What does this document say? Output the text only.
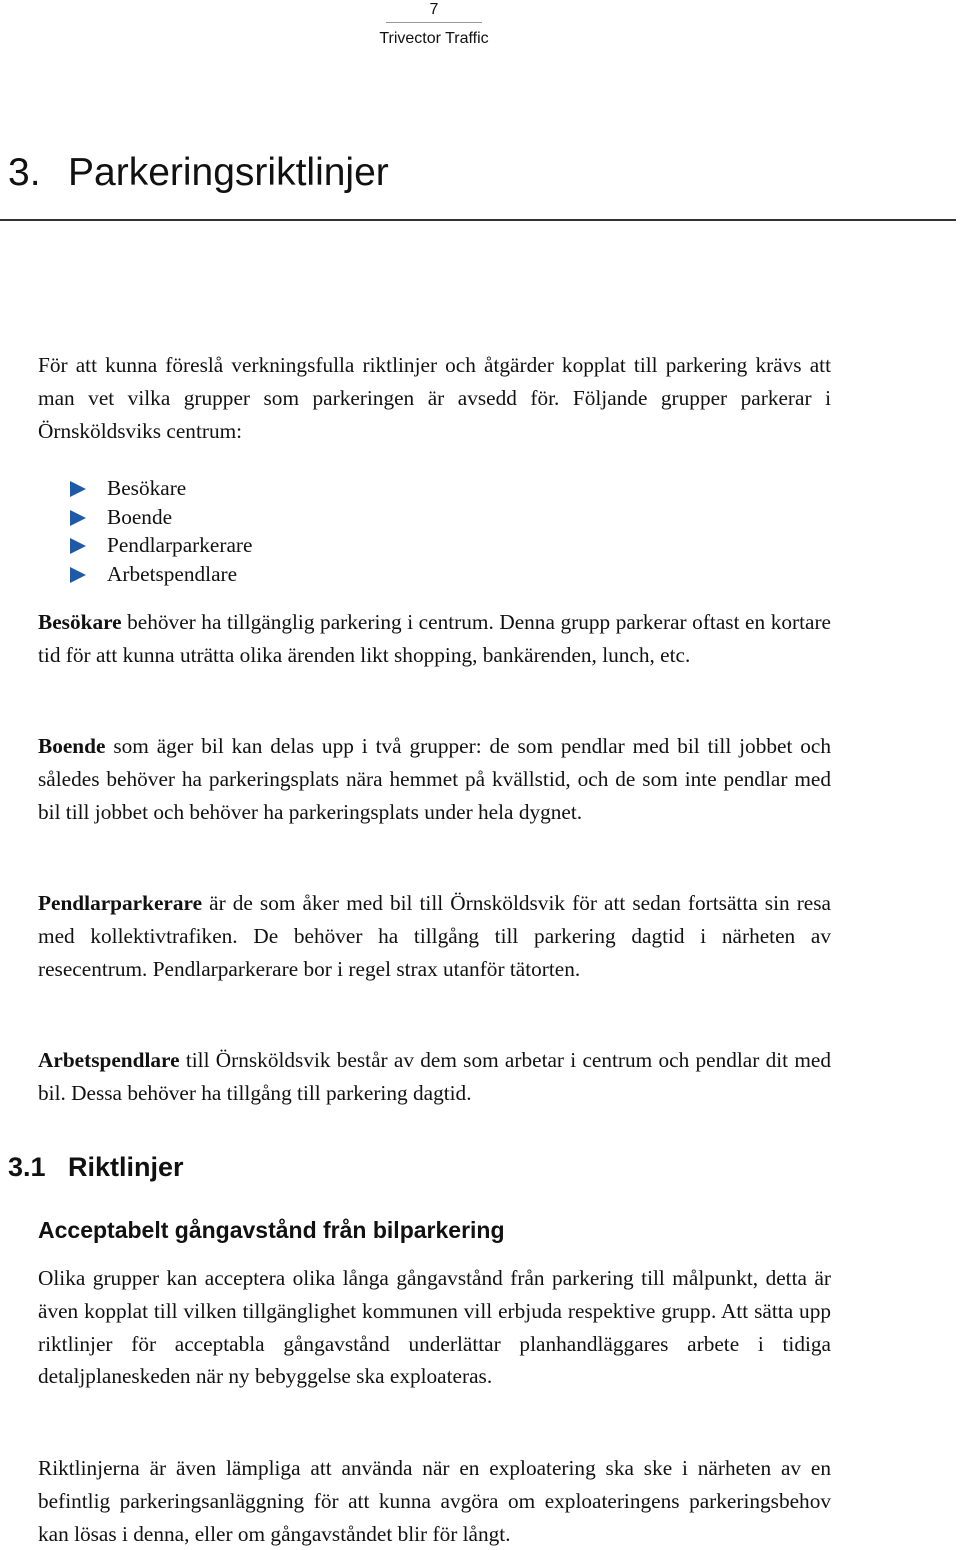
7
Trivector Traffic
3. Parkeringsriktlinjer

För att kunna föreslå verkningsfulla riktlinjer och åtgärder kopplat till parkering krävs att man vet vilka grupper som parkeringen är avsedd för. Följande grupper parkerar i Örnsköldsviks centrum:

Besökare
Boende
Pendlarparkerare
Arbetspendlare

Besökare behöver ha tillgänglig parkering i centrum. Denna grupp parkerar oftast en kortare tid för att kunna uträtta olika ärenden likt shopping, bankärenden, lunch, etc.

Boende som äger bil kan delas upp i två grupper: de som pendlar med bil till jobbet och således behöver ha parkeringsplats nära hemmet på kvällstid, och de som inte pendlar med bil till jobbet och behöver ha parkeringsplats under hela dygnet.

Pendlarparkerare är de som åker med bil till Örnsköldsvik för att sedan fortsätta sin resa med kollektivtrafiken. De behöver ha tillgång till parkering dagtid i närheten av resecentrum. Pendlarparkerare bor i regel strax utanför tätorten.

Arbetspendlare till Örnsköldsvik består av dem som arbetar i centrum och pendlar dit med bil. Dessa behöver ha tillgång till parkering dagtid.

3.1 Riktlinjer
Acceptabelt gångavstånd från bilparkering

Olika grupper kan acceptera olika långa gångavstånd från parkering till målpunkt, detta är även kopplat till vilken tillgänglighet kommunen vill erbjuda respektive grupp. Att sätta upp riktlinjer för acceptabla gångavstånd underlättar planhandläggares arbete i tidiga detaljplaneskeden när ny bebyggelse ska exploateras.

Riktlinjerna är även lämpliga att använda när en exploatering ska ske i närheten av en befintlig parkeringsanläggning för att kunna avgöra om exploateringens parkeringsbehov kan lösas i denna, eller om gångavståndet blir för långt.
